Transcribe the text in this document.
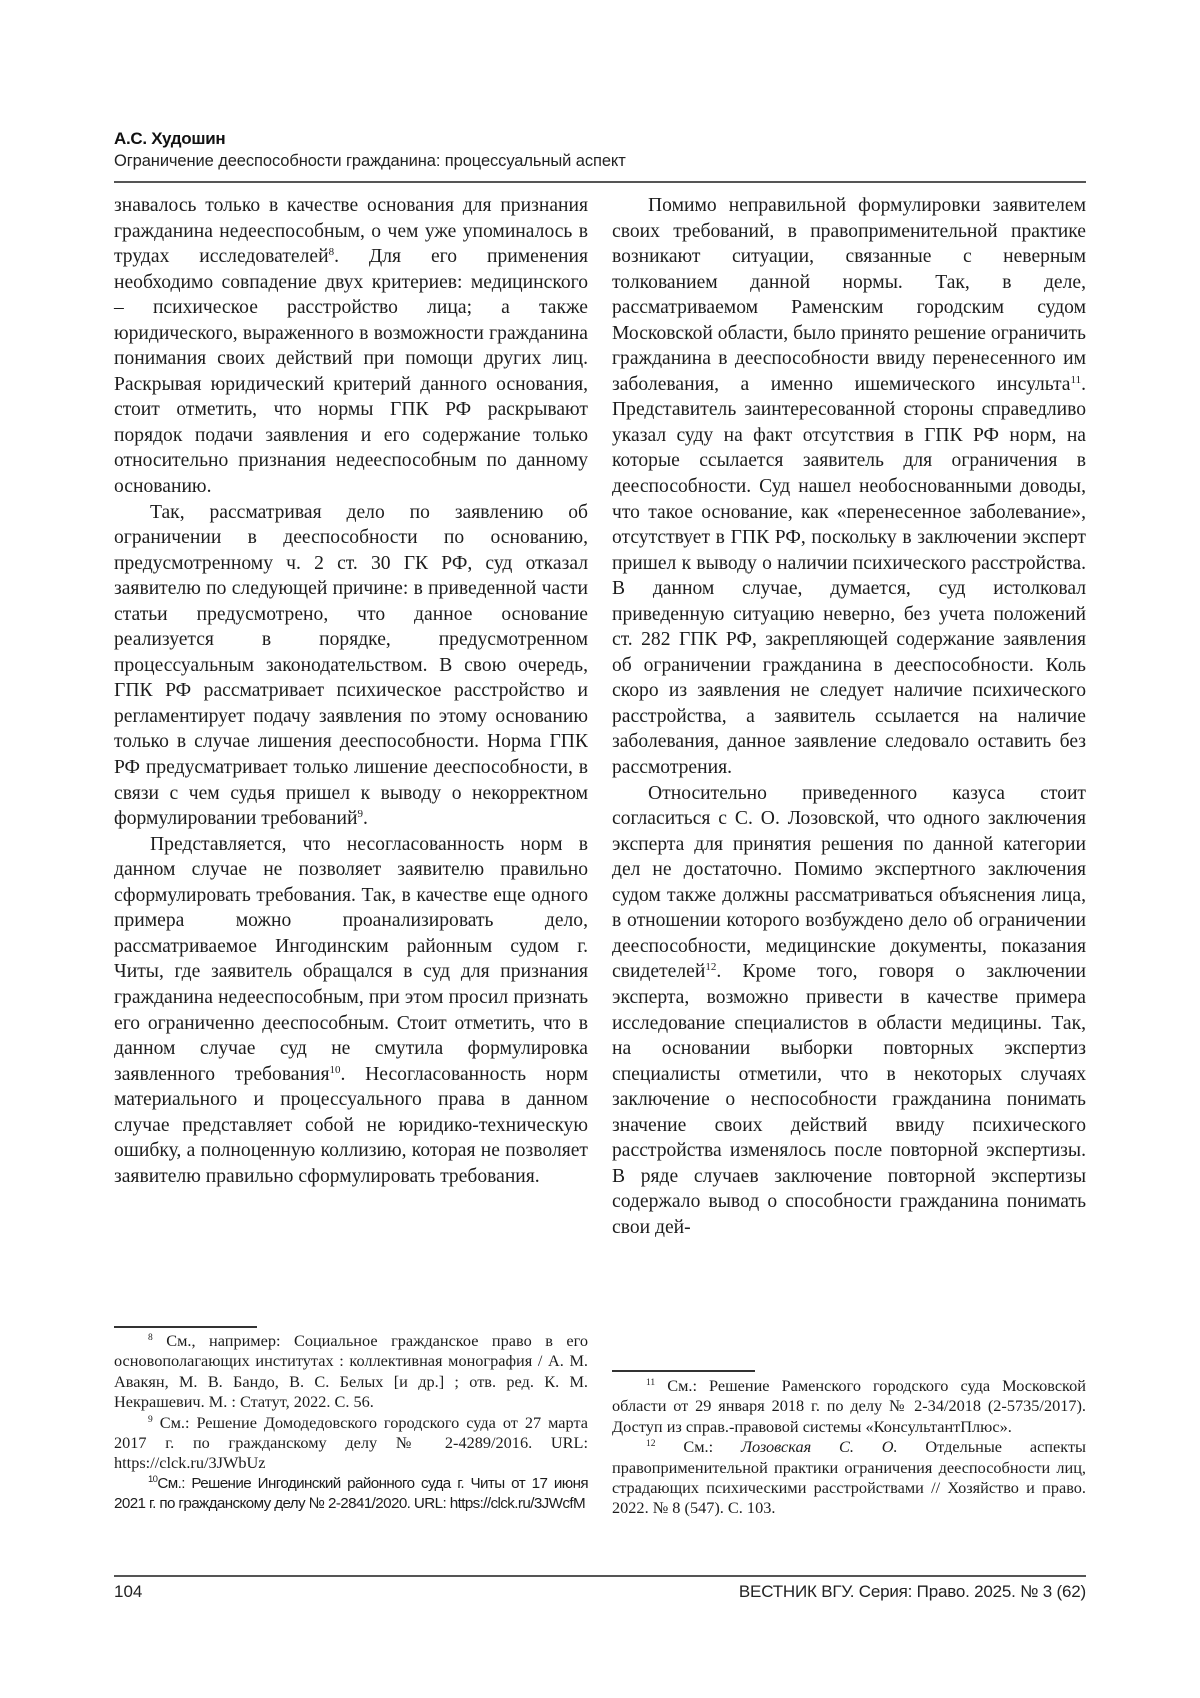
А.С. Худошин
Ограничение дееспособности гражданина: процессуальный аспект

знавалось только в качестве основания для признания гражданина недееспособным, о чем уже упоминалось в трудах исследователей$^8$. Для его применения необходимо совпадение двух критериев: медицинского – психическое расстройство лица; а также юридического, выраженного в возможности гражданина понимания своих действий при помощи других лиц. Раскрывая юридический критерий данного основания, стоит отметить, что нормы ГПК РФ раскрывают порядок подачи заявления и его содержание только относительно признания недееспособным по данному основанию.

Так, рассматривая дело по заявлению об ограничении в дееспособности по основанию, предусмотренному ч. 2 ст. 30 ГК РФ, суд отказал заявителю по следующей причине: в приведенной части статьи предусмотрено, что данное основание реализуется в порядке, предусмотренном процессуальным законодательством. В свою очередь, ГПК РФ рассматривает психическое расстройство и регламентирует подачу заявления по этому основанию только в случае лишения дееспособности. Норма ГПК РФ предусматривает только лишение дееспособности, в связи с чем судья пришел к выводу о некорректном формулировании требований$^9$.

Представляется, что несогласованность норм в данном случае не позволяет заявителю правильно сформулировать требования. Так, в качестве еще одного примера можно проанализировать дело, рассматриваемое Ингодинским районным судом г. Читы, где заявитель обращался в суд для признания гражданина недееспособным, при этом просил признать его ограниченно дееспособным. Стоит отметить, что в данном случае суд не смутила формулировка заявленного требования$^{10}$. Несогласованность норм материального и процессуального права в данном случае представляет собой не юридико-техническую ошибку, а полноценную коллизию, которая не позволяет заявителю правильно сформулировать требования.

Помимо неправильной формулировки заявителем своих требований, в правоприменительной практике возникают ситуации, связанные с неверным толкованием данной нормы. Так, в деле, рассматриваемом Раменским городским судом Московской области, было принято решение ограничить гражданина в дееспособности ввиду перенесенного им заболевания, а именно ишемического инсульта$^{11}$. Представитель заинтересованной стороны справедливо указал суду на факт отсутствия в ГПК РФ норм, на которые ссылается заявитель для ограничения в дееспособности. Суд нашел необоснованными доводы, что такое основание, как «перенесенное заболевание», отсутствует в ГПК РФ, поскольку в заключении эксперт пришел к выводу о наличии психического расстройства. В данном случае, думается, суд истолковал приведенную ситуацию неверно, без учета положений ст. 282 ГПК РФ, закрепляющей содержание заявления об ограничении гражданина в дееспособности. Коль скоро из заявления не следует наличие психического расстройства, а заявитель ссылается на наличие заболевания, данное заявление следовало оставить без рассмотрения.

Относительно приведенного казуса стоит согласиться с С. О. Лозовской, что одного заключения эксперта для принятия решения по данной категории дел не достаточно. Помимо экспертного заключения судом также должны рассматриваться объяснения лица, в отношении которого возбуждено дело об ограничении дееспособности, медицинские документы, показания свидетелей$^{12}$. Кроме того, говоря о заключении эксперта, возможно привести в качестве примера исследование специалистов в области медицины. Так, на основании выборки повторных экспертиз специалисты отметили, что в некоторых случаях заключение о неспособности гражданина понимать значение своих действий ввиду психического расстройства изменялось после повторной экспертизы. В ряде случаев заключение повторной экспертизы содержало вывод о способности гражданина понимать свои дей-

$^8$ См., например: Социальное гражданское право в его основополагающих институтах : коллективная монография / А. М. Авакян, М. В. Бандо, В. С. Белых [и др.] ; отв. ред. К. М. Некрашевич. М. : Статут, 2022. С. 56.

$^9$ См.: Решение Домодедовского городского суда от 27 марта 2017 г. по гражданскому делу № 2-4289/2016. URL: https://clck.ru/3JWbUz

$^{10}$См.: Решение Ингодинский районного суда г. Читы от 17 июня 2021 г. по гражданскому делу № 2-2841/2020. URL: https://clck.ru/3JWcfM

$^{11}$ См.: Решение Раменского городского суда Московской области от 29 января 2018 г. по делу № 2-34/2018 (2-5735/2017). Доступ из справ.-правовой системы «КонсультантПлюс».

$^{12}$ См.: Лозовская С. О. Отдельные аспекты правоприменительной практики ограничения дееспособности лиц, страдающих психическими расстройствами // Хозяйство и право. 2022. № 8 (547). С. 103.

104	ВЕСТНИК ВГУ. Серия: Право. 2025. № 3 (62)
